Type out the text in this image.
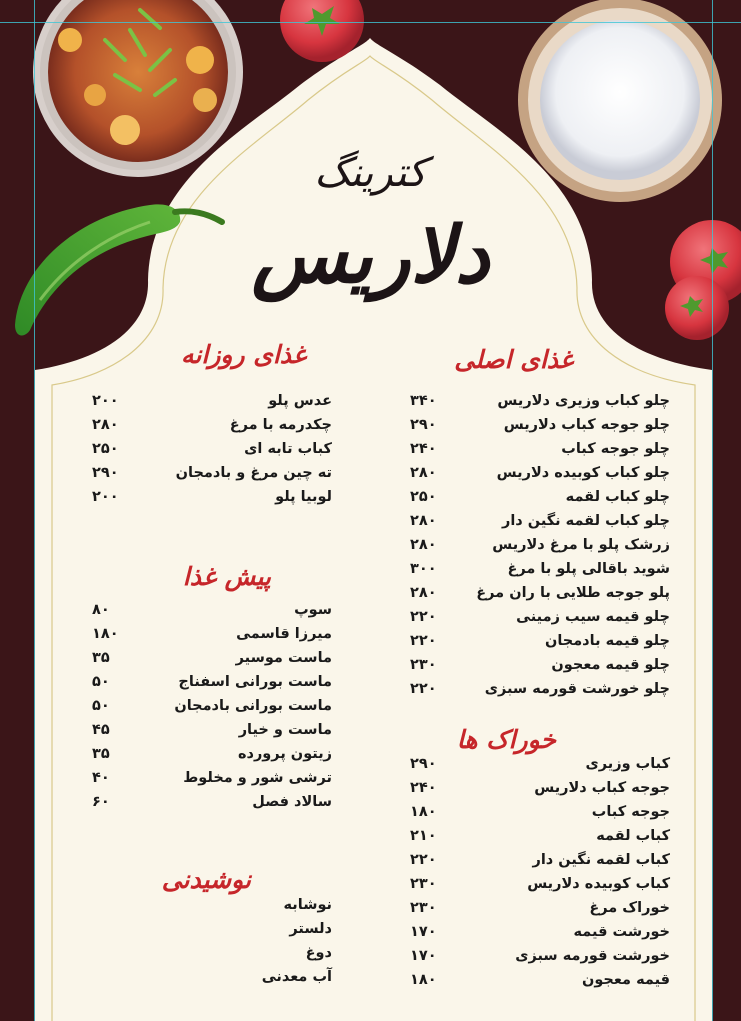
کترینگ
دلاریس
غذای اصلی
غذای روزانه
پیش غذا
خوراک ها
نوشیدنی
چلو کباب وزیری دلاریس
۳۴۰
چلو جوجه کباب دلاریس
۲۹۰
چلو جوجه کباب
۲۴۰
چلو کباب کوبیده دلاریس
۲۸۰
چلو کباب لقمه
۲۵۰
چلو کباب لقمه نگین دار
۲۸۰
زرشک پلو با مرغ دلاریس
۲۸۰
شوید باقالی پلو با مرغ
۳۰۰
پلو جوجه طلایی با ران مرغ
۲۸۰
چلو قیمه سیب زمینی
۲۲۰
چلو قیمه بادمجان
۲۲۰
چلو قیمه معجون
۲۳۰
چلو خورشت قورمه سبزی
۲۲۰
عدس پلو
۲۰۰
چکدرمه با مرغ
۲۸۰
کباب تابه ای
۲۵۰
ته چین مرغ و بادمجان
۲۹۰
لوبیا پلو
۲۰۰
سوپ
۸۰
میرزا قاسمی
۱۸۰
ماست موسیر
۳۵
ماست بورانی اسفناج
۵۰
ماست بورانی بادمجان
۵۰
ماست و خیار
۴۵
زیتون پرورده
۳۵
ترشی شور و مخلوط
۴۰
سالاد فصل
۶۰
کباب وزیری
۲۹۰
جوجه کباب دلاریس
۲۴۰
جوجه کباب
۱۸۰
کباب لقمه
۲۱۰
کباب لقمه نگین دار
۲۲۰
کباب کوبیده دلاریس
۲۳۰
خوراک مرغ
۲۳۰
خورشت قیمه
۱۷۰
خورشت قورمه سبزی
۱۷۰
قیمه معجون
۱۸۰
نوشابه
دلستر
دوغ
آب معدنی
